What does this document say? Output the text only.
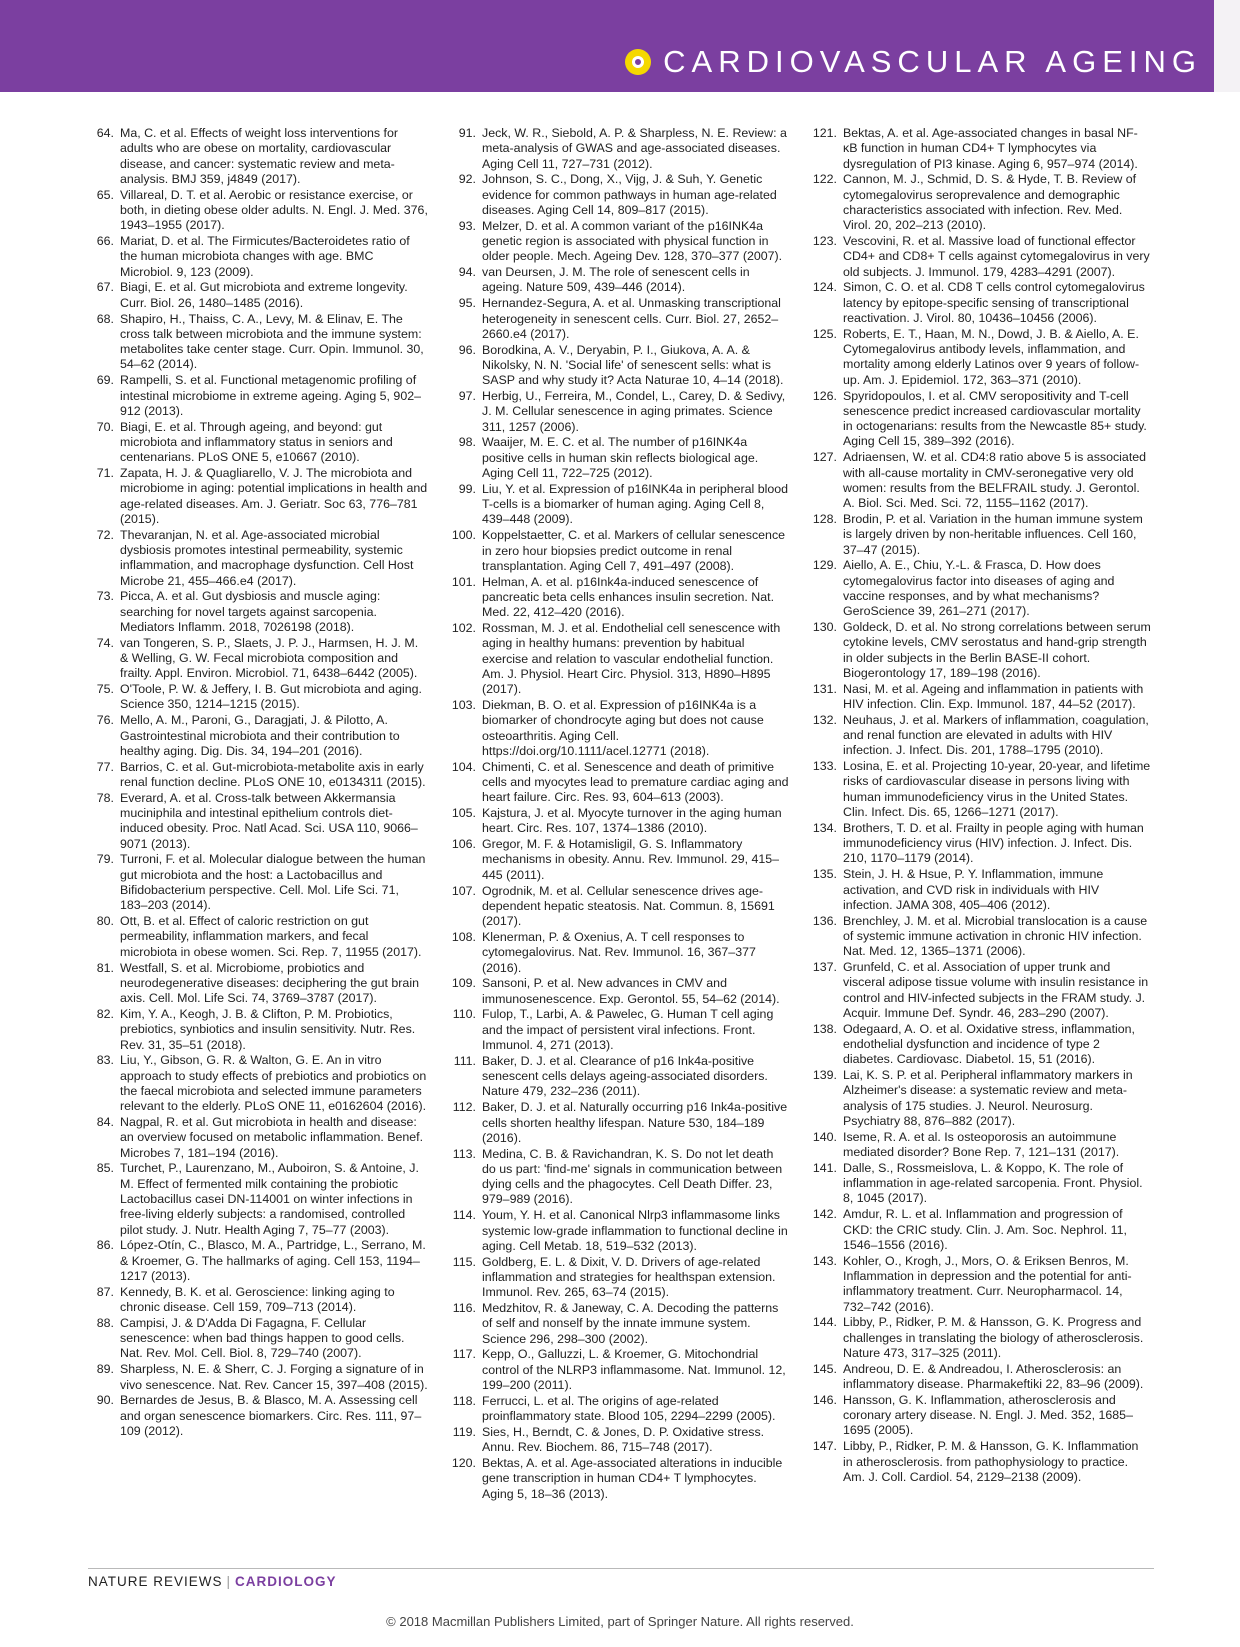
CARDIOVASCULAR AGEING
64. Ma, C. et al. Effects of weight loss interventions for adults who are obese on mortality, cardiovascular disease, and cancer: systematic review and meta-analysis. BMJ 359, j4849 (2017).
65. Villareal, D. T. et al. Aerobic or resistance exercise, or both, in dieting obese older adults. N. Engl. J. Med. 376, 1943–1955 (2017).
66. Mariat, D. et al. The Firmicutes/Bacteroidetes ratio of the human microbiota changes with age. BMC Microbiol. 9, 123 (2009).
67. Biagi, E. et al. Gut microbiota and extreme longevity. Curr. Biol. 26, 1480–1485 (2016).
68. Shapiro, H., Thaiss, C. A., Levy, M. & Elinav, E. The cross talk between microbiota and the immune system: metabolites take center stage. Curr. Opin. Immunol. 30, 54–62 (2014).
69. Rampelli, S. et al. Functional metagenomic profiling of intestinal microbiome in extreme ageing. Aging 5, 902–912 (2013).
70. Biagi, E. et al. Through ageing, and beyond: gut microbiota and inflammatory status in seniors and centenarians. PLoS ONE 5, e10667 (2010).
71. Zapata, H. J. & Quagliarello, V. J. The microbiota and microbiome in aging: potential implications in health and age-related diseases. Am. J. Geriatr. Soc 63, 776–781 (2015).
72. Thevaranjan, N. et al. Age-associated microbial dysbiosis promotes intestinal permeability, systemic inflammation, and macrophage dysfunction. Cell Host Microbe 21, 455–466.e4 (2017).
73. Picca, A. et al. Gut dysbiosis and muscle aging: searching for novel targets against sarcopenia. Mediators Inflamm. 2018, 7026198 (2018).
74. van Tongeren, S. P., Slaets, J. P. J., Harmsen, H. J. M. & Welling, G. W. Fecal microbiota composition and frailty. Appl. Environ. Microbiol. 71, 6438–6442 (2005).
75. O'Toole, P. W. & Jeffery, I. B. Gut microbiota and aging. Science 350, 1214–1215 (2015).
76. Mello, A. M., Paroni, G., Daragjati, J. & Pilotto, A. Gastrointestinal microbiota and their contribution to healthy aging. Dig. Dis. 34, 194–201 (2016).
77. Barrios, C. et al. Gut-microbiota-metabolite axis in early renal function decline. PLoS ONE 10, e0134311 (2015).
78. Everard, A. et al. Cross-talk between Akkermansia muciniphila and intestinal epithelium controls diet-induced obesity. Proc. Natl Acad. Sci. USA 110, 9066–9071 (2013).
79. Turroni, F. et al. Molecular dialogue between the human gut microbiota and the host: a Lactobacillus and Bifidobacterium perspective. Cell. Mol. Life Sci. 71, 183–203 (2014).
80. Ott, B. et al. Effect of caloric restriction on gut permeability, inflammation markers, and fecal microbiota in obese women. Sci. Rep. 7, 11955 (2017).
81. Westfall, S. et al. Microbiome, probiotics and neurodegenerative diseases: deciphering the gut brain axis. Cell. Mol. Life Sci. 74, 3769–3787 (2017).
82. Kim, Y. A., Keogh, J. B. & Clifton, P. M. Probiotics, prebiotics, synbiotics and insulin sensitivity. Nutr. Res. Rev. 31, 35–51 (2018).
83. Liu, Y., Gibson, G. R. & Walton, G. E. An in vitro approach to study effects of prebiotics and probiotics on the faecal microbiota and selected immune parameters relevant to the elderly. PLoS ONE 11, e0162604 (2016).
84. Nagpal, R. et al. Gut microbiota in health and disease: an overview focused on metabolic inflammation. Benef. Microbes 7, 181–194 (2016).
85. Turchet, P., Laurenzano, M., Auboiron, S. & Antoine, J. M. Effect of fermented milk containing the probiotic Lactobacillus casei DN-114001 on winter infections in free-living elderly subjects: a randomised, controlled pilot study. J. Nutr. Health Aging 7, 75–77 (2003).
86. López-Otín, C., Blasco, M. A., Partridge, L., Serrano, M. & Kroemer, G. The hallmarks of aging. Cell 153, 1194–1217 (2013).
87. Kennedy, B. K. et al. Geroscience: linking aging to chronic disease. Cell 159, 709–713 (2014).
88. Campisi, J. & D'Adda Di Fagagna, F. Cellular senescence: when bad things happen to good cells. Nat. Rev. Mol. Cell. Biol. 8, 729–740 (2007).
89. Sharpless, N. E. & Sherr, C. J. Forging a signature of in vivo senescence. Nat. Rev. Cancer 15, 397–408 (2015).
90. Bernardes de Jesus, B. & Blasco, M. A. Assessing cell and organ senescence biomarkers. Circ. Res. 111, 97–109 (2012).
91. Jeck, W. R., Siebold, A. P. & Sharpless, N. E. Review: a meta-analysis of GWAS and age-associated diseases. Aging Cell 11, 727–731 (2012).
92. Johnson, S. C., Dong, X., Vijg, J. & Suh, Y. Genetic evidence for common pathways in human age-related diseases. Aging Cell 14, 809–817 (2015).
93. Melzer, D. et al. A common variant of the p16INK4a genetic region is associated with physical function in older people. Mech. Ageing Dev. 128, 370–377 (2007).
94. van Deursen, J. M. The role of senescent cells in ageing. Nature 509, 439–446 (2014).
95. Hernandez-Segura, A. et al. Unmasking transcriptional heterogeneity in senescent cells. Curr. Biol. 27, 2652–2660.e4 (2017).
96. Borodkina, A. V., Deryabin, P. I., Giukova, A. A. & Nikolsky, N. N. 'Social life' of senescent sells: what is SASP and why study it? Acta Naturae 10, 4–14 (2018).
97. Herbig, U., Ferreira, M., Condel, L., Carey, D. & Sedivy, J. M. Cellular senescence in aging primates. Science 311, 1257 (2006).
98. Waaijer, M. E. C. et al. The number of p16INK4a positive cells in human skin reflects biological age. Aging Cell 11, 722–725 (2012).
99. Liu, Y. et al. Expression of p16INK4a in peripheral blood T-cells is a biomarker of human aging. Aging Cell 8, 439–448 (2009).
100. Koppelstaetter, C. et al. Markers of cellular senescence in zero hour biopsies predict outcome in renal transplantation. Aging Cell 7, 491–497 (2008).
101. Helman, A. et al. p16Ink4a-induced senescence of pancreatic beta cells enhances insulin secretion. Nat. Med. 22, 412–420 (2016).
102. Rossman, M. J. et al. Endothelial cell senescence with aging in healthy humans: prevention by habitual exercise and relation to vascular endothelial function. Am. J. Physiol. Heart Circ. Physiol. 313, H890–H895 (2017).
103. Diekman, B. O. et al. Expression of p16INK4a is a biomarker of chondrocyte aging but does not cause osteoarthritis. Aging Cell. https://doi.org/10.1111/acel.12771 (2018).
104. Chimenti, C. et al. Senescence and death of primitive cells and myocytes lead to premature cardiac aging and heart failure. Circ. Res. 93, 604–613 (2003).
105. Kajstura, J. et al. Myocyte turnover in the aging human heart. Circ. Res. 107, 1374–1386 (2010).
106. Gregor, M. F. & Hotamisligil, G. S. Inflammatory mechanisms in obesity. Annu. Rev. Immunol. 29, 415–445 (2011).
107. Ogrodnik, M. et al. Cellular senescence drives age-dependent hepatic steatosis. Nat. Commun. 8, 15691 (2017).
108. Klenerman, P. & Oxenius, A. T cell responses to cytomegalovirus. Nat. Rev. Immunol. 16, 367–377 (2016).
109. Sansoni, P. et al. New advances in CMV and immunosenescence. Exp. Gerontol. 55, 54–62 (2014).
110. Fulop, T., Larbi, A. & Pawelec, G. Human T cell aging and the impact of persistent viral infections. Front. Immunol. 4, 271 (2013).
111. Baker, D. J. et al. Clearance of p16 Ink4a-positive senescent cells delays ageing-associated disorders. Nature 479, 232–236 (2011).
112. Baker, D. J. et al. Naturally occurring p16 Ink4a-positive cells shorten healthy lifespan. Nature 530, 184–189 (2016).
113. Medina, C. B. & Ravichandran, K. S. Do not let death do us part: 'find-me' signals in communication between dying cells and the phagocytes. Cell Death Differ. 23, 979–989 (2016).
114. Youm, Y. H. et al. Canonical Nlrp3 inflammasome links systemic low-grade inflammation to functional decline in aging. Cell Metab. 18, 519–532 (2013).
115. Goldberg, E. L. & Dixit, V. D. Drivers of age-related inflammation and strategies for healthspan extension. Immunol. Rev. 265, 63–74 (2015).
116. Medzhitov, R. & Janeway, C. A. Decoding the patterns of self and nonself by the innate immune system. Science 296, 298–300 (2002).
117. Kepp, O., Galluzzi, L. & Kroemer, G. Mitochondrial control of the NLRP3 inflammasome. Nat. Immunol. 12, 199–200 (2011).
118. Ferrucci, L. et al. The origins of age-related proinflammatory state. Blood 105, 2294–2299 (2005).
119. Sies, H., Berndt, C. & Jones, D. P. Oxidative stress. Annu. Rev. Biochem. 86, 715–748 (2017).
120. Bektas, A. et al. Age-associated alterations in inducible gene transcription in human CD4+ T lymphocytes. Aging 5, 18–36 (2013).
121. Bektas, A. et al. Age-associated changes in basal NF-κB function in human CD4+ T lymphocytes via dysregulation of PI3 kinase. Aging 6, 957–974 (2014).
122. Cannon, M. J., Schmid, D. S. & Hyde, T. B. Review of cytomegalovirus seroprevalence and demographic characteristics associated with infection. Rev. Med. Virol. 20, 202–213 (2010).
123. Vescovini, R. et al. Massive load of functional effector CD4+ and CD8+ T cells against cytomegalovirus in very old subjects. J. Immunol. 179, 4283–4291 (2007).
124. Simon, C. O. et al. CD8 T cells control cytomegalovirus latency by epitope-specific sensing of transcriptional reactivation. J. Virol. 80, 10436–10456 (2006).
125. Roberts, E. T., Haan, M. N., Dowd, J. B. & Aiello, A. E. Cytomegalovirus antibody levels, inflammation, and mortality among elderly Latinos over 9 years of follow-up. Am. J. Epidemiol. 172, 363–371 (2010).
126. Spyridopoulos, I. et al. CMV seropositivity and T-cell senescence predict increased cardiovascular mortality in octogenarians: results from the Newcastle 85+ study. Aging Cell 15, 389–392 (2016).
127. Adriaensen, W. et al. CD4:8 ratio above 5 is associated with all-cause mortality in CMV-seronegative very old women: results from the BELFRAIL study. J. Gerontol. A. Biol. Sci. Med. Sci. 72, 1155–1162 (2017).
128. Brodin, P. et al. Variation in the human immune system is largely driven by non-heritable influences. Cell 160, 37–47 (2015).
129. Aiello, A. E., Chiu, Y.-L. & Frasca, D. How does cytomegalovirus factor into diseases of aging and vaccine responses, and by what mechanisms? GeroScience 39, 261–271 (2017).
130. Goldeck, D. et al. No strong correlations between serum cytokine levels, CMV serostatus and hand-grip strength in older subjects in the Berlin BASE-II cohort. Biogerontology 17, 189–198 (2016).
131. Nasi, M. et al. Ageing and inflammation in patients with HIV infection. Clin. Exp. Immunol. 187, 44–52 (2017).
132. Neuhaus, J. et al. Markers of inflammation, coagulation, and renal function are elevated in adults with HIV infection. J. Infect. Dis. 201, 1788–1795 (2010).
133. Losina, E. et al. Projecting 10-year, 20-year, and lifetime risks of cardiovascular disease in persons living with human immunodeficiency virus in the United States. Clin. Infect. Dis. 65, 1266–1271 (2017).
134. Brothers, T. D. et al. Frailty in people aging with human immunodeficiency virus (HIV) infection. J. Infect. Dis. 210, 1170–1179 (2014).
135. Stein, J. H. & Hsue, P. Y. Inflammation, immune activation, and CVD risk in individuals with HIV infection. JAMA 308, 405–406 (2012).
136. Brenchley, J. M. et al. Microbial translocation is a cause of systemic immune activation in chronic HIV infection. Nat. Med. 12, 1365–1371 (2006).
137. Grunfeld, C. et al. Association of upper trunk and visceral adipose tissue volume with insulin resistance in control and HIV-infected subjects in the FRAM study. J. Acquir. Immune Def. Syndr. 46, 283–290 (2007).
138. Odegaard, A. O. et al. Oxidative stress, inflammation, endothelial dysfunction and incidence of type 2 diabetes. Cardiovasc. Diabetol. 15, 51 (2016).
139. Lai, K. S. P. et al. Peripheral inflammatory markers in Alzheimer's disease: a systematic review and meta-analysis of 175 studies. J. Neurol. Neurosurg. Psychiatry 88, 876–882 (2017).
140. Iseme, R. A. et al. Is osteoporosis an autoimmune mediated disorder? Bone Rep. 7, 121–131 (2017).
141. Dalle, S., Rossmeislova, L. & Koppo, K. The role of inflammation in age-related sarcopenia. Front. Physiol. 8, 1045 (2017).
142. Amdur, R. L. et al. Inflammation and progression of CKD: the CRIC study. Clin. J. Am. Soc. Nephrol. 11, 1546–1556 (2016).
143. Kohler, O., Krogh, J., Mors, O. & Eriksen Benros, M. Inflammation in depression and the potential for anti-inflammatory treatment. Curr. Neuropharmacol. 14, 732–742 (2016).
144. Libby, P., Ridker, P. M. & Hansson, G. K. Progress and challenges in translating the biology of atherosclerosis. Nature 473, 317–325 (2011).
145. Andreou, D. E. & Andreadou, I. Atherosclerosis: an inflammatory disease. Pharmakeftiki 22, 83–96 (2009).
146. Hansson, G. K. Inflammation, atherosclerosis and coronary artery disease. N. Engl. J. Med. 352, 1685–1695 (2005).
147. Libby, P., Ridker, P. M. & Hansson, G. K. Inflammation in atherosclerosis. from pathophysiology to practice. Am. J. Coll. Cardiol. 54, 2129–2138 (2009).
NATURE REVIEWS | CARDIOLOGY
© 2018 Macmillan Publishers Limited, part of Springer Nature. All rights reserved.
